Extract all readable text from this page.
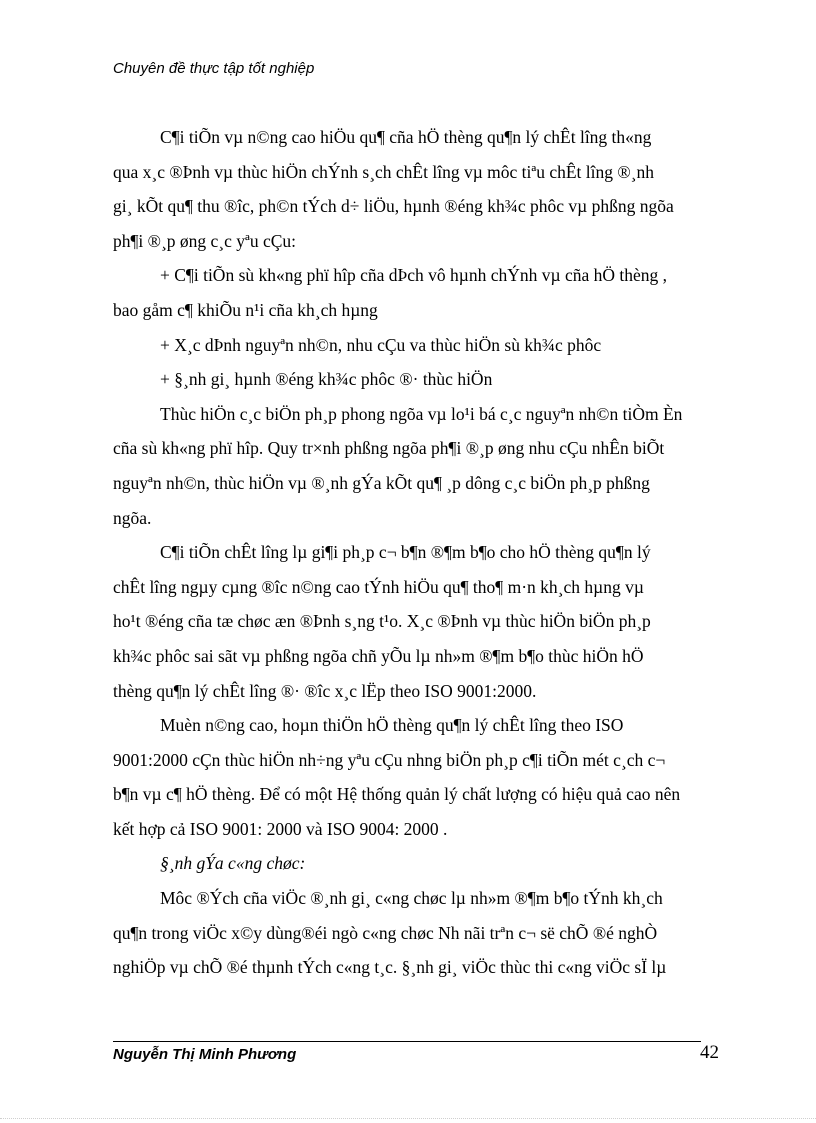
Chuyên đề thực tập tốt nghiệp
C¶i tiÕn vµ n©ng cao hiÖu qu¶ cña hÖ thèng qu¶n lý chÊt lîng th«ng
qua x¸c ®Þnh vµ thùc hiÖn chÝnh s¸ch chÊt lîng vµ môc tiªu chÊt lîng ®¸nh
gi¸ kÕt qu¶ thu ®îc, ph©n tÝch d÷ liÖu, hµnh ®éng kh¾c phôc vµ phßng ngõa
ph¶i ®¸p øng c¸c yªu cÇu:
+ C¶i tiÕn sù kh«ng phï hîp cña dÞch vô hµnh chÝnh vµ cña hÖ thèng ,
bao gåm c¶ khiÕu n¹i cña kh¸ch hµng
+ X¸c dÞnh nguyªn nh©n, nhu cÇu va thùc hiÖn sù kh¾c phôc
+ §¸nh gi¸ hµnh ®éng kh¾c phôc ®· thùc hiÖn
Thùc hiÖn c¸c biÖn ph¸p phong ngõa vµ lo¹i bá c¸c nguyªn nh©n tiÒm Èn
cña sù kh«ng phï hîp. Quy tr×nh phßng ngõa ph¶i ®¸p øng nhu cÇu nhÊn biÕt
nguyªn nh©n, thùc hiÖn vµ ®¸nh gÝa kÕt qu¶ ¸p dông c¸c biÖn ph¸p phßng
ngõa.
C¶i tiÕn chÊt lîng lµ gi¶i ph¸p c¬ b¶n ®¶m b¶o cho hÖ thèng qu¶n lý
chÊt lîng ngµy cµng ®îc n©ng cao tÝnh hiÖu qu¶ tho¶ m·n kh¸ch hµng vµ
ho¹t ®éng cña tæ chøc æn ®Þnh s¸ng t¹o. X¸c ®Þnh vµ thùc hiÖn biÖn ph¸p
kh¾c phôc sai sãt vµ phßng ngõa chñ yÕu lµ nh»m ®¶m b¶o thùc hiÖn hÖ
thèng qu¶n lý chÊt lîng ®· ®îc x¸c lËp theo ISO 9001:2000.
Muèn n©ng cao, hoµn thiÖn hÖ thèng qu¶n lý chÊt lîng theo ISO
9001:2000 cÇn thùc hiÖn nh÷ng yªu cÇu nhng biÖn ph¸p c¶i tiÕn mét c¸ch c¬
b¶n vµ c¶ hÖ thèng. Để có một Hệ thống quản lý chất lượng có hiệu quả cao nên
kết hợp cả ISO 9001: 2000 và ISO 9004: 2000 .
§¸nh gÝa c«ng chøc:
Môc ®Ých cña viÖc ®¸nh gi¸ c«ng chøc lµ nh»m ®¶m b¶o tÝnh kh¸ch
qu¶n trong viÖc x©y dùng®éi ngò c«ng chøc Nh nãi trªn c¬ së chÕ ®é nghÒ
nghiÖp vµ chÕ ®é thµnh tÝch c«ng t¸c. §¸nh gi¸ viÖc thùc thi c«ng viÖc sÏ lµ
Nguyễn Thị Minh Phương	42
